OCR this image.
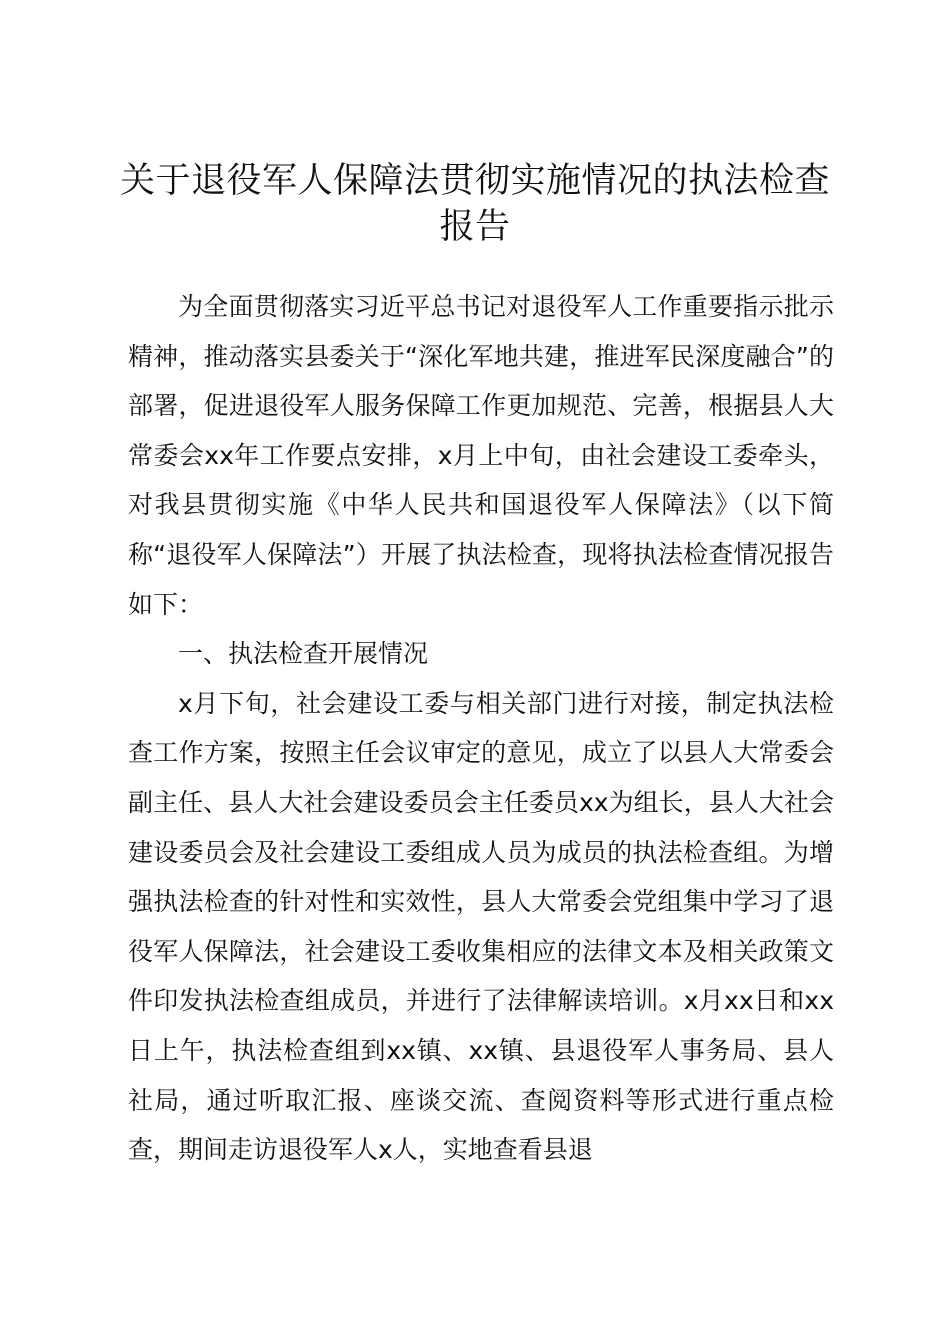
关于退役军人保障法贯彻实施情况的执法检查报告

为全面贯彻落实习近平总书记对退役军人工作重要指示批示精神，推动落实县委关于“深化军地共建，推进军民深度融合”的部署，促进退役军人服务保障工作更加规范、完善，根据县人大常委会xx年工作要点安排，x月上中旬，由社会建设工委牵头，对我县贯彻实施《中华人民共和国退役军人保障法》（以下简称“退役军人保障法”）开展了执法检查，现将执法检查情况报告如下：

一、执法检查开展情况

x月下旬，社会建设工委与相关部门进行对接，制定执法检查工作方案，按照主任会议审定的意见，成立了以县人大常委会副主任、县人大社会建设委员会主任委员xx为组长，县人大社会建设委员会及社会建设工委组成人员为成员的执法检查组。为增强执法检查的针对性和实效性，县人大常委会党组集中学习了退役军人保障法，社会建设工委收集相应的法律文本及相关政策文件印发执法检查组成员，并进行了法律解读培训。x月xx日和xx日上午，执法检查组到xx镇、xx镇、县退役军人事务局、县人社局，通过听取汇报、座谈交流、查阅资料等形式进行重点检查，期间走访退役军人x人，实地查看县退
